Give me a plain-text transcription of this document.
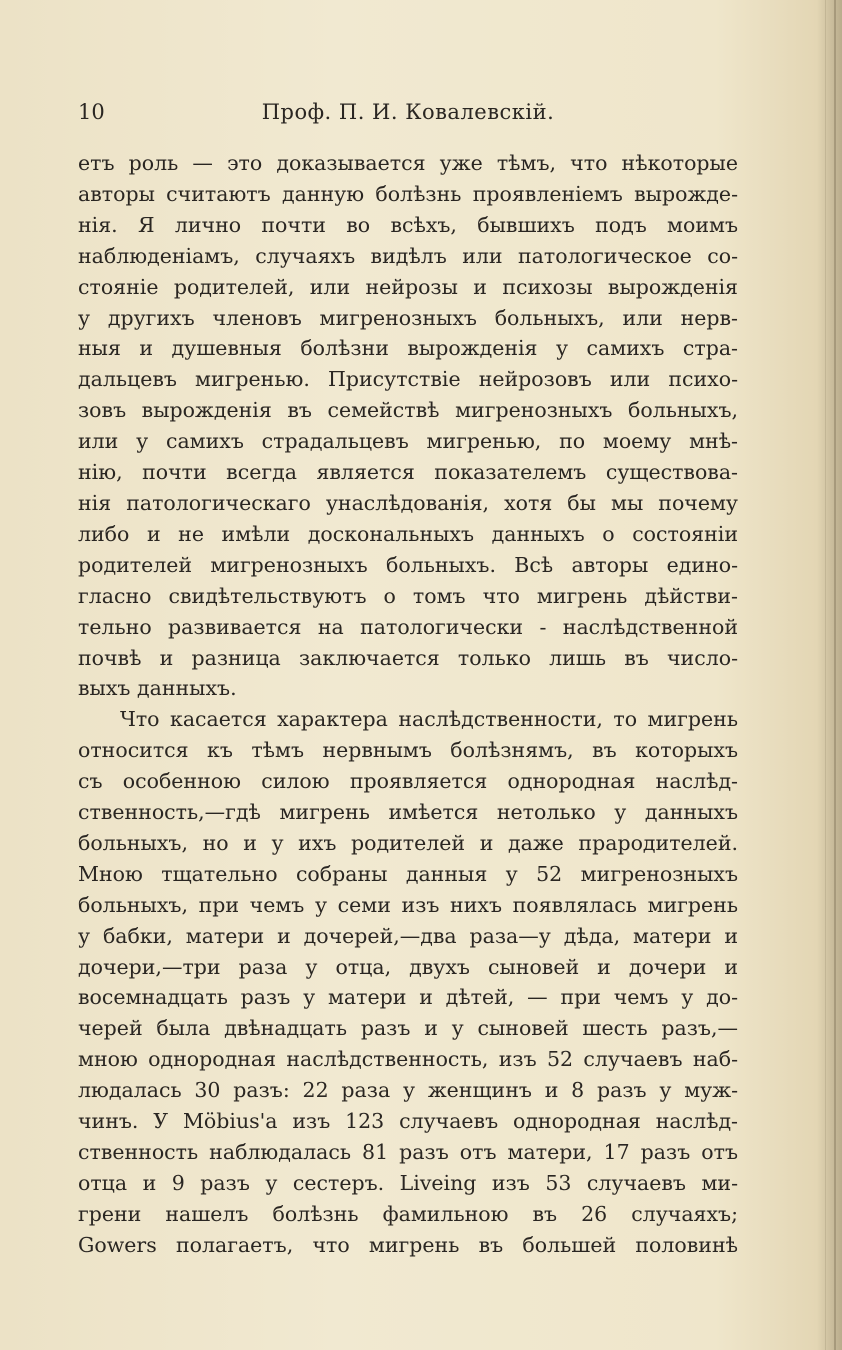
10	Проф. П. И. Ковалевскій.
етъ роль — это доказывается уже тѣмъ, что нѣкоторые
авторы считаютъ данную болѣзнь проявленіемъ вырожде-
нія. Я лично почти во всѣхъ, бывшихъ подъ моимъ
наблюденіамъ, случаяхъ видѣлъ или патологическое со-
стояніе родителей, или нейрозы и психозы вырожденія
у другихъ членовъ мигренозныхъ больныхъ, или нерв-
ныя и душевныя болѣзни вырожденія у самихъ стра-
дальцевъ мигренью. Присутствіе нейрозовъ или психо-
зовъ вырожденія въ семействѣ мигренозныхъ больныхъ,
или у самихъ страдальцевъ мигренью, по моему мнѣ-
нію, почти всегда является показателемъ существова-
нія патологическаго унаслѣдованія, хотя бы мы почему
либо и не имѣли доскональныхъ данныхъ о состояніи
родителей мигренозныхъ больныхъ. Всѣ авторы едино-
гласно свидѣтельствуютъ о томъ что мигрень дѣйстви-
тельно развивается на патологически - наслѣдственной
почвѣ и разница заключается только лишь въ число-
выхъ данныхъ.
Что касается характера наслѣдственности, то мигрень
относится къ тѣмъ нервнымъ болѣзнямъ, въ которыхъ
съ особенною силою проявляется однородная наслѣд-
ственность,—гдѣ мигрень имѣется нетолько у данныхъ
больныхъ, но и у ихъ родителей и даже прародителей.
Мною тщательно собраны данныя у 52 мигренозныхъ
больныхъ, при чемъ у семи изъ нихъ появлялась мигрень
у бабки, матери и дочерей,—два раза—у дѣда, матери и
дочери,—три раза у отца, двухъ сыновей и дочери и
восемнадцать разъ у матери и дѣтей, — при чемъ у до-
черей была двѣнадцать разъ и у сыновей шесть разъ,—
мною однородная наслѣдственность, изъ 52 случаевъ наб-
людалась 30 разъ: 22 раза у женщинъ и 8 разъ у муж-
чинъ. У Möbius'а изъ 123 случаевъ однородная наслѣд-
ственность наблюдалась 81 разъ отъ матери, 17 разъ отъ
отца и 9 разъ у сестеръ. Liveing изъ 53 случаевъ ми-
грени нашелъ болѣзнь фамильною въ 26 случаяхъ;
Gowers полагаетъ, что мигрень въ большей половинѣ
